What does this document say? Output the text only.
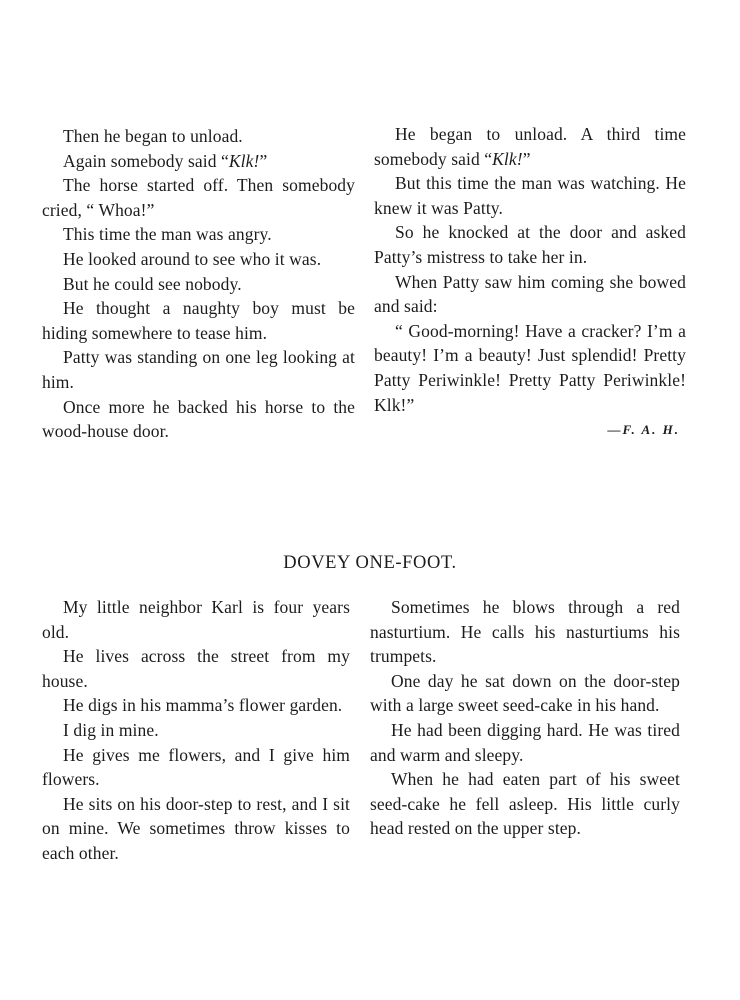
Then he began to unload.

Again somebody said “Klk!”

The horse started off. Then somebody cried, “ Whoa!”

This time the man was angry.

He looked around to see who it was.

But he could see nobody.

He thought a naughty boy must be hiding somewhere to tease him.

Patty was standing on one leg looking at him.

Once more he backed his horse to the wood-house door.

He began to unload. A third time somebody said “Klk!”

But this time the man was watching. He knew it was Patty.

So he knocked at the door and asked Patty’s mistress to take her in.

When Patty saw him coming she bowed and said:

“ Good-morning! Have a cracker? I’m a beauty! I’m a beauty! Just splendid! Pretty Patty Periwinkle! Pretty Patty Periwinkle! Klk!”

—F. A. H.
DOVEY ONE-FOOT.

My little neighbor Karl is four years old.

He lives across the street from my house.

He digs in his mamma’s flower garden.

I dig in mine.

He gives me flowers, and I give him flowers.

He sits on his door-step to rest, and I sit on mine. We sometimes throw kisses to each other.

Sometimes he blows through a red nasturtium. He calls his nasturtiums his trumpets.

One day he sat down on the door-step with a large sweet seed-cake in his hand.

He had been digging hard. He was tired and warm and sleepy.

When he had eaten part of his sweet seed-cake he fell asleep. His little curly head rested on the upper step.
